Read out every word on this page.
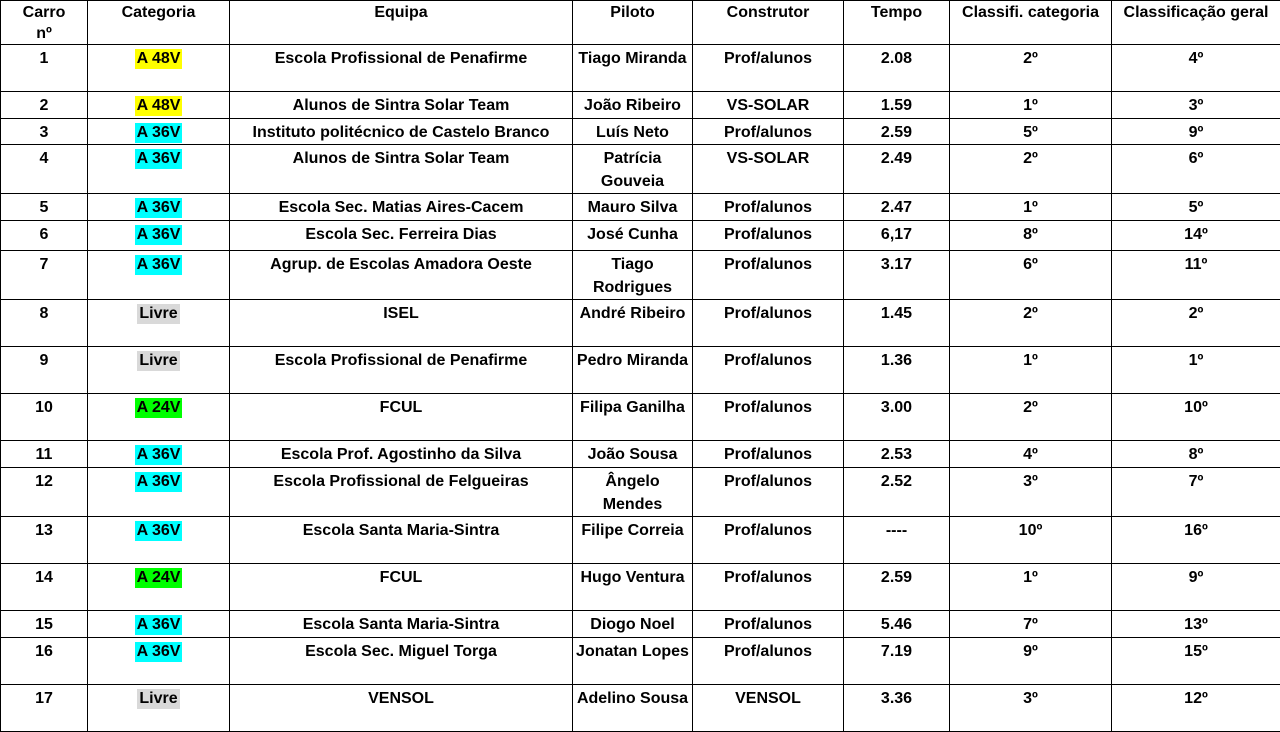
Carro
nº	Categoria	Equipa	Piloto	Construtor	Tempo	Classifi. categoria	Classificação geral
1	A 48V	Escola Profissional de Penafirme	Tiago Miranda	Prof/alunos	2.08	2º	4º
2	A 48V	Alunos de Sintra Solar Team	João Ribeiro	VS-SOLAR	1.59	1º	3º
3	A 36V	Instituto politécnico de Castelo Branco	Luís Neto	Prof/alunos	2.59	5º	9º
4	A 36V	Alunos de Sintra Solar Team	Patrícia Gouveia	VS-SOLAR	2.49	2º	6º
5	A 36V	Escola Sec. Matias Aires-Cacem	Mauro Silva	Prof/alunos	2.47	1º	5º
6	A 36V	Escola Sec. Ferreira Dias	José Cunha	Prof/alunos	6,17	8º	14º
7	A 36V	Agrup. de Escolas Amadora Oeste	Tiago Rodrigues	Prof/alunos	3.17	6º	11º
8	Livre	ISEL	André Ribeiro	Prof/alunos	1.45	2º	2º
9	Livre	Escola Profissional de Penafirme	Pedro Miranda	Prof/alunos	1.36	1º	1º
10	A 24V	FCUL	Filipa Ganilha	Prof/alunos	3.00	2º	10º
11	A 36V	Escola Prof. Agostinho da Silva	João Sousa	Prof/alunos	2.53	4º	8º
12	A 36V	Escola Profissional de Felgueiras	Ângelo Mendes	Prof/alunos	2.52	3º	7º
13	A 36V	Escola Santa Maria-Sintra	Filipe Correia	Prof/alunos	----	10º	16º
14	A 24V	FCUL	Hugo Ventura	Prof/alunos	2.59	1º	9º
15	A 36V	Escola Santa Maria-Sintra	Diogo Noel	Prof/alunos	5.46	7º	13º
16	A 36V	Escola Sec. Miguel Torga	Jonatan Lopes	Prof/alunos	7.19	9º	15º
17	Livre	VENSOL	Adelino Sousa	VENSOL	3.36	3º	12º
